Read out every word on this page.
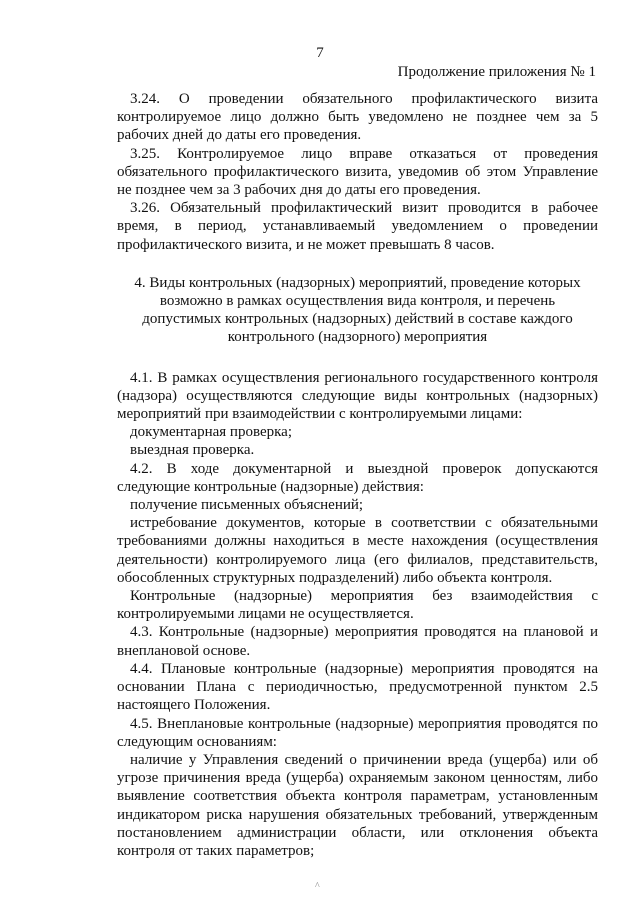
7
Продолжение приложения № 1

3.24. О проведении обязательного профилактического визита контролируемое лицо должно быть уведомлено не позднее чем за 5 рабочих дней до даты его проведения.

3.25. Контролируемое лицо вправе отказаться от проведения обязательного профилактического визита, уведомив об этом Управление не позднее чем за 3 рабочих дня до даты его проведения.

3.26. Обязательный профилактический визит проводится в рабочее время, в период, устанавливаемый уведомлением о проведении профилактического визита, и не может превышать 8 часов.

4. Виды контрольных (надзорных) мероприятий, проведение которых возможно в рамках осуществления вида контроля, и перечень допустимых контрольных (надзорных) действий в составе каждого контрольного (надзорного) мероприятия

4.1. В рамках осуществления регионального государственного контроля (надзора) осуществляются следующие виды контрольных (надзорных) мероприятий при взаимодействии с контролируемыми лицами:

документарная проверка;

выездная проверка.

4.2. В ходе документарной и выездной проверок допускаются следующие контрольные (надзорные) действия:

получение письменных объяснений;

истребование документов, которые в соответствии с обязательными требованиями должны находиться в месте нахождения (осуществления деятельности) контролируемого лица (его филиалов, представительств, обособленных структурных подразделений) либо объекта контроля.

Контрольные (надзорные) мероприятия без взаимодействия с контролируемыми лицами не осуществляется.

4.3. Контрольные (надзорные) мероприятия проводятся на плановой и внеплановой основе.

4.4. Плановые контрольные (надзорные) мероприятия проводятся на основании Плана с периодичностью, предусмотренной пунктом 2.5 настоящего Положения.

4.5. Внеплановые контрольные (надзорные) мероприятия проводятся по следующим основаниям:

наличие у Управления сведений о причинении вреда (ущерба) или об угрозе причинения вреда (ущерба) охраняемым законом ценностям, либо выявление соответствия объекта контроля параметрам, установленным индикатором риска нарушения обязательных требований, утвержденным постановлением администрации области, или отклонения объекта контроля от таких параметров;

^
